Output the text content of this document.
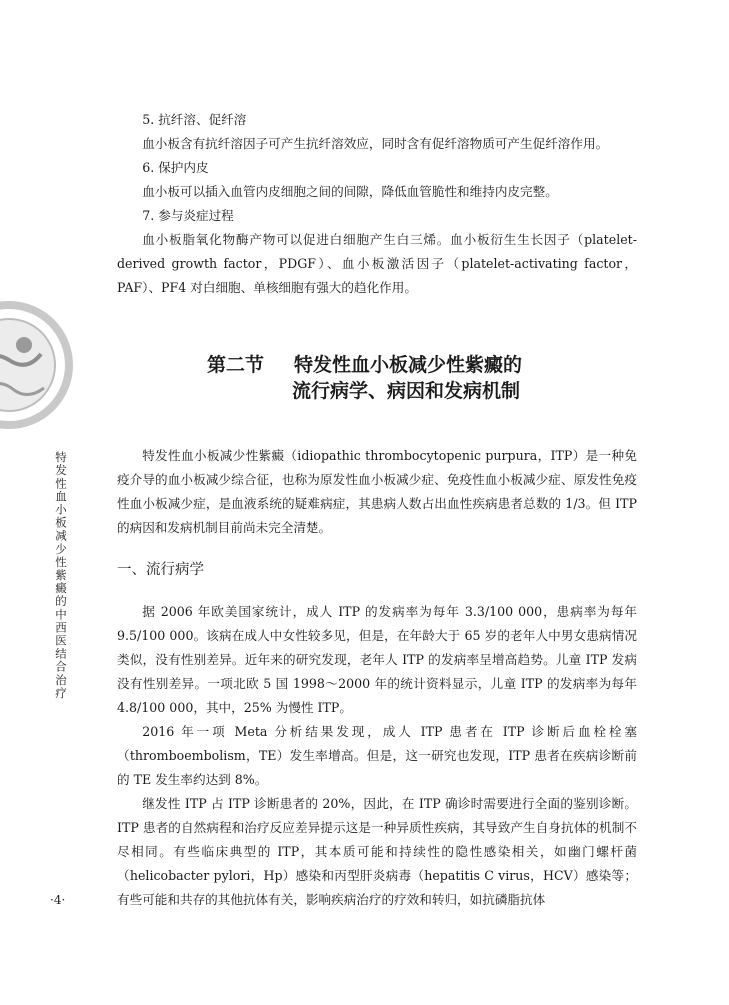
特发性血小板减少性紫癜的中西医结合治疗
·4·

5. 抗纤溶、促纤溶

血小板含有抗纤溶因子可产生抗纤溶效应，同时含有促纤溶物质可产生促纤溶作用。

6. 保护内皮

血小板可以插入血管内皮细胞之间的间隙，降低血管脆性和维持内皮完整。

7. 参与炎症过程

血小板脂氧化物酶产物可以促进白细胞产生白三烯。血小板衍生生长因子（platelet-derived growth factor，PDGF）、血小板激活因子（platelet-activating factor，PAF）、PF4 对白细胞、单核细胞有强大的趋化作用。

第二节 特发性血小板减少性紫癜的
流行病学、病因和发病机制

特发性血小板减少性紫癜（idiopathic thrombocytopenic purpura，ITP）是一种免疫介导的血小板减少综合征，也称为原发性血小板减少症、免疫性血小板减少症、原发性免疫性血小板减少症，是血液系统的疑难病症，其患病人数占出血性疾病患者总数的 1/3。但 ITP 的病因和发病机制目前尚未完全清楚。

一、流行病学

据 2006 年欧美国家统计，成人 ITP 的发病率为每年 3.3/100 000，患病率为每年 9.5/100 000。该病在成人中女性较多见，但是，在年龄大于 65 岁的老年人中男女患病情况类似，没有性别差异。近年来的研究发现，老年人 ITP 的发病率呈增高趋势。儿童 ITP 发病没有性别差异。一项北欧 5 国 1998～2000 年的统计资料显示，儿童 ITP 的发病率为每年 4.8/100 000，其中，25% 为慢性 ITP。

2016 年一项 Meta 分析结果发现，成人 ITP 患者在 ITP 诊断后血栓栓塞（thromboembolism，TE）发生率增高。但是，这一研究也发现，ITP 患者在疾病诊断前的 TE 发生率约达到 8%。

继发性 ITP 占 ITP 诊断患者的 20%，因此，在 ITP 确诊时需要进行全面的鉴别诊断。ITP 患者的自然病程和治疗反应差异提示这是一种异质性疾病，其导致产生自身抗体的机制不尽相同。有些临床典型的 ITP，其本质可能和持续性的隐性感染相关，如幽门螺杆菌（helicobacter pylori，Hp）感染和丙型肝炎病毒（hepatitis C virus，HCV）感染等；有些可能和共存的其他抗体有关，影响疾病治疗的疗效和转归，如抗磷脂抗体
